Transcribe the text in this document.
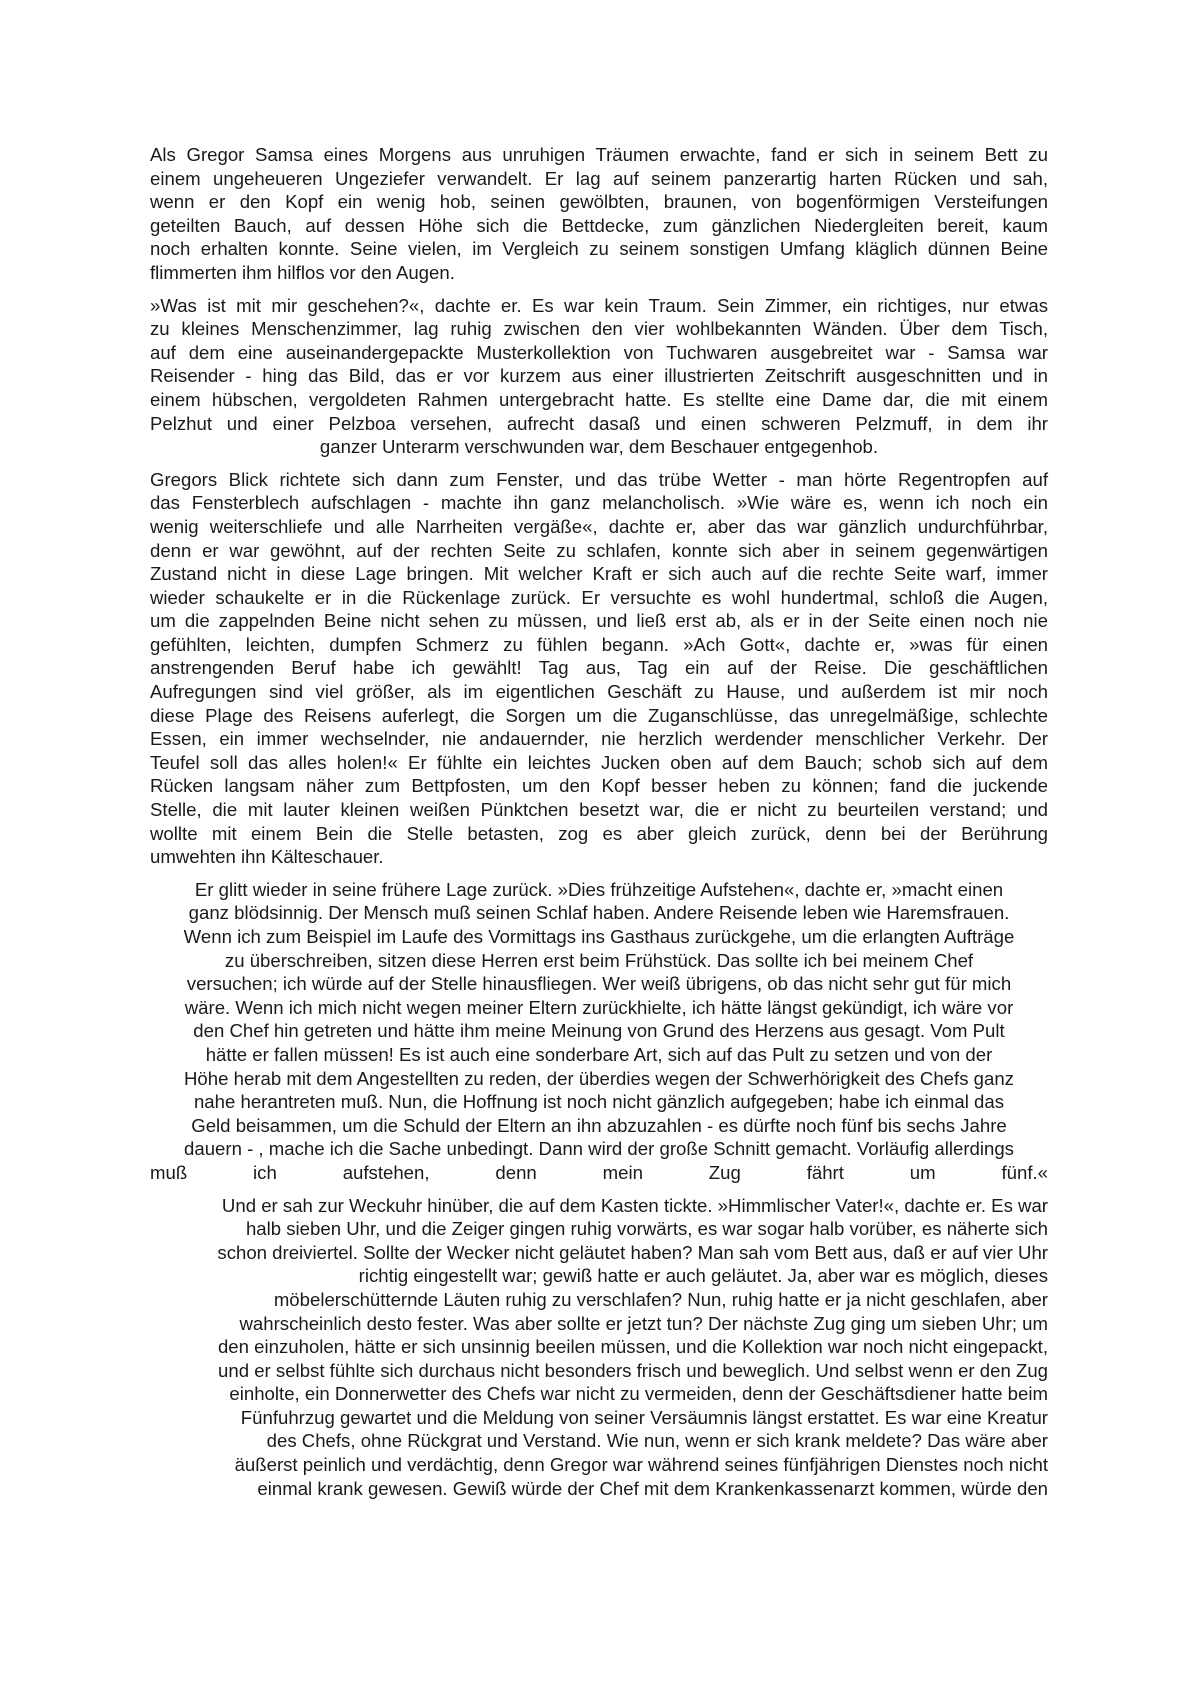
Als Gregor Samsa eines Morgens aus unruhigen Träumen erwachte, fand er sich in seinem Bett zu
einem ungeheueren Ungeziefer verwandelt. Er lag auf seinem panzerartig harten Rücken und sah,
wenn er den Kopf ein wenig hob, seinen gewölbten, braunen, von bogenförmigen Versteifungen
geteilten Bauch, auf dessen Höhe sich die Bettdecke, zum gänzlichen Niedergleiten bereit, kaum
noch erhalten konnte. Seine vielen, im Vergleich zu seinem sonstigen Umfang kläglich dünnen Beine
flimmerten ihm hilflos vor den Augen.
»Was ist mit mir geschehen?«, dachte er. Es war kein Traum. Sein Zimmer, ein richtiges, nur etwas
zu kleines Menschenzimmer, lag ruhig zwischen den vier wohlbekannten Wänden. Über dem Tisch,
auf dem eine auseinandergepackte Musterkollektion von Tuchwaren ausgebreitet war - Samsa war
Reisender - hing das Bild, das er vor kurzem aus einer illustrierten Zeitschrift ausgeschnitten und in
einem hübschen, vergoldeten Rahmen untergebracht hatte. Es stellte eine Dame dar, die mit einem
Pelzhut und einer Pelzboa versehen, aufrecht dasaß und einen schweren Pelzmuff, in dem ihr
ganzer Unterarm verschwunden war, dem Beschauer entgegenhob.
Gregors Blick richtete sich dann zum Fenster, und das trübe Wetter - man hörte Regentropfen auf
das Fensterblech aufschlagen - machte ihn ganz melancholisch. »Wie wäre es, wenn ich noch ein
wenig weiterschliefe und alle Narrheiten vergäße«, dachte er, aber das war gänzlich undurchführbar,
denn er war gewöhnt, auf der rechten Seite zu schlafen, konnte sich aber in seinem gegenwärtigen
Zustand nicht in diese Lage bringen. Mit welcher Kraft er sich auch auf die rechte Seite warf, immer
wieder schaukelte er in die Rückenlage zurück. Er versuchte es wohl hundertmal, schloß die Augen,
um die zappelnden Beine nicht sehen zu müssen, und ließ erst ab, als er in der Seite einen noch nie
gefühlten, leichten, dumpfen Schmerz zu fühlen begann. »Ach Gott«, dachte er, »was für einen
anstrengenden Beruf habe ich gewählt! Tag aus, Tag ein auf der Reise. Die geschäftlichen
Aufregungen sind viel größer, als im eigentlichen Geschäft zu Hause, und außerdem ist mir noch
diese Plage des Reisens auferlegt, die Sorgen um die Zuganschlüsse, das unregelmäßige, schlechte
Essen, ein immer wechselnder, nie andauernder, nie herzlich werdender menschlicher Verkehr. Der
Teufel soll das alles holen!« Er fühlte ein leichtes Jucken oben auf dem Bauch; schob sich auf dem
Rücken langsam näher zum Bettpfosten, um den Kopf besser heben zu können; fand die juckende
Stelle, die mit lauter kleinen weißen Pünktchen besetzt war, die er nicht zu beurteilen verstand; und
wollte mit einem Bein die Stelle betasten, zog es aber gleich zurück, denn bei der Berührung
umwehten ihn Kälteschauer.
Er glitt wieder in seine frühere Lage zurück. »Dies frühzeitige Aufstehen«, dachte er, »macht einen
ganz blödsinnig. Der Mensch muß seinen Schlaf haben. Andere Reisende leben wie Haremsfrauen.
Wenn ich zum Beispiel im Laufe des Vormittags ins Gasthaus zurückgehe, um die erlangten Aufträge
zu überschreiben, sitzen diese Herren erst beim Frühstück. Das sollte ich bei meinem Chef
versuchen; ich würde auf der Stelle hinausfliegen. Wer weiß übrigens, ob das nicht sehr gut für mich
wäre. Wenn ich mich nicht wegen meiner Eltern zurückhielte, ich hätte längst gekündigt, ich wäre vor
den Chef hin getreten und hätte ihm meine Meinung von Grund des Herzens aus gesagt. Vom Pult
hätte er fallen müssen! Es ist auch eine sonderbare Art, sich auf das Pult zu setzen und von der
Höhe herab mit dem Angestellten zu reden, der überdies wegen der Schwerhörigkeit des Chefs ganz
nahe herantreten muß. Nun, die Hoffnung ist noch nicht gänzlich aufgegeben; habe ich einmal das
Geld beisammen, um die Schuld der Eltern an ihn abzuzahlen - es dürfte noch fünf bis sechs Jahre
dauern - , mache ich die Sache unbedingt. Dann wird der große Schnitt gemacht. Vorläufig allerdings
muß ich aufstehen, denn mein Zug fährt um fünf.«
Und er sah zur Weckuhr hinüber, die auf dem Kasten tickte. »Himmlischer Vater!«, dachte er. Es war
halb sieben Uhr, und die Zeiger gingen ruhig vorwärts, es war sogar halb vorüber, es näherte sich
schon dreiviertel. Sollte der Wecker nicht geläutet haben? Man sah vom Bett aus, daß er auf vier Uhr
richtig eingestellt war; gewiß hatte er auch geläutet. Ja, aber war es möglich, dieses
möbelerschütternde Läuten ruhig zu verschlafen? Nun, ruhig hatte er ja nicht geschlafen, aber
wahrscheinlich desto fester. Was aber sollte er jetzt tun? Der nächste Zug ging um sieben Uhr; um
den einzuholen, hätte er sich unsinnig beeilen müssen, und die Kollektion war noch nicht eingepackt,
und er selbst fühlte sich durchaus nicht besonders frisch und beweglich. Und selbst wenn er den Zug
einholte, ein Donnerwetter des Chefs war nicht zu vermeiden, denn der Geschäftsdiener hatte beim
Fünfuhrzug gewartet und die Meldung von seiner Versäumnis längst erstattet. Es war eine Kreatur
des Chefs, ohne Rückgrat und Verstand. Wie nun, wenn er sich krank meldete? Das wäre aber
äußerst peinlich und verdächtig, denn Gregor war während seines fünfjährigen Dienstes noch nicht
einmal krank gewesen. Gewiß würde der Chef mit dem Krankenkassenarzt kommen, würde den
